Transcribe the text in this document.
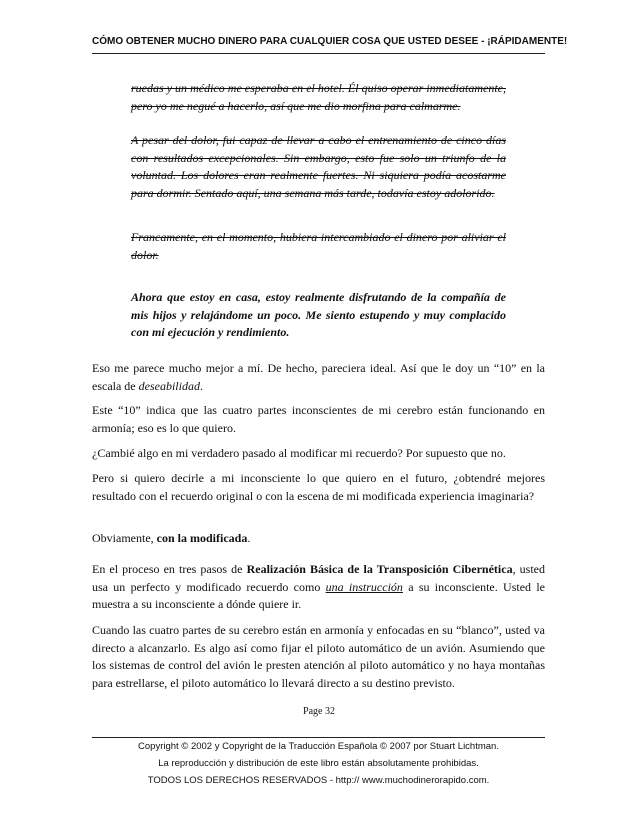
CÓMO OBTENER MUCHO DINERO PARA CUALQUIER COSA QUE USTED DESEE - ¡RÁPIDAMENTE!

ruedas y un médico me esperaba en el hotel. Él quiso operar inmediatamente, pero yo me negué a hacerlo, así que me dio morfina para calmarme.

A pesar del dolor, fui capaz de llevar a cabo el entrenamiento de cinco días con resultados excepcionales. Sin embargo, esto fue solo un triunfo de la voluntad. Los dolores eran realmente fuertes. Ni siquiera podía acostarme para dormir. Sentado aquí, una semana más tarde, todavía estoy adolorido.

Francamente, en el momento, hubiera intercambiado el dinero por aliviar el dolor.

Ahora que estoy en casa, estoy realmente disfrutando de la compañía de mis hijos y relajándome un poco. Me siento estupendo y muy complacido con mi ejecución y rendimiento.

Eso me parece mucho mejor a mí. De hecho, pareciera ideal. Así que le doy un “10” en la escala de deseabilidad.

Este “10” indica que las cuatro partes inconscientes de mi cerebro están funcionando en armonía; eso es lo que quiero.

¿Cambié algo en mi verdadero pasado al modificar mi recuerdo? Por supuesto que no.

Pero si quiero decirle a mi inconsciente lo que quiero en el futuro, ¿obtendré mejores resultado con el recuerdo original o con la escena de mi modificada experiencia imaginaria?

Obviamente, con la modificada.

En el proceso en tres pasos de Realización Básica de la Transposición Cibernética, usted usa un perfecto y modificado recuerdo como una instrucción a su inconsciente. Usted le muestra a su inconsciente a dónde quiere ir.

Cuando las cuatro partes de su cerebro están en armonía y enfocadas en su “blanco”, usted va directo a alcanzarlo. Es algo así como fijar el piloto automático de un avión. Asumiendo que los sistemas de control del avión le presten atención al piloto automático y no haya montañas para estrellarse, el piloto automático lo llevará directo a su destino previsto.

Page 32
Copyright © 2002 y Copyright de la Traducción Española © 2007 por Stuart Lichtman.
La reproducción y distribución de este libro están absolutamente prohibidas.
TODOS LOS DERECHOS RESERVADOS - http:// www.muchodinerorapido.com.
